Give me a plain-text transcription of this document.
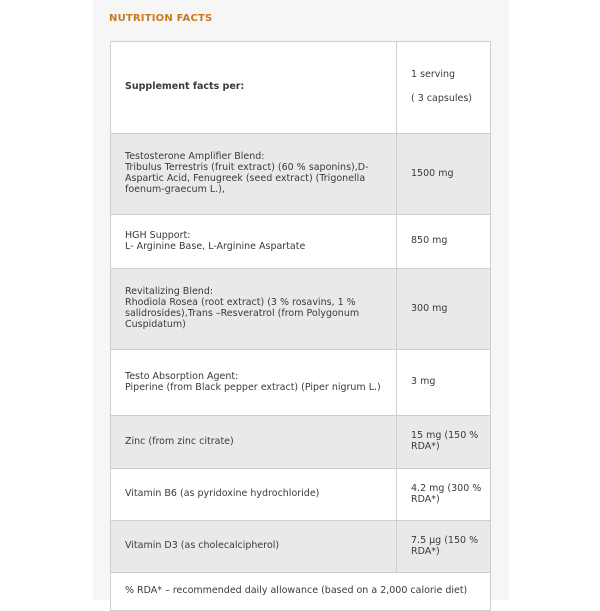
NUTRITION FACTS
Supplement facts per:	1 serving
( 3 capsules)

Testosterone Amplifier Blend:
Tribulus Terrestris (fruit extract) (60 % saponins),D-Aspartic Acid, Fenugreek (seed extract) (Trigonella foenum-graecum L.),	1500 mg

HGH Support:
L- Arginine Base, L-Arginine Aspartate	850 mg

Revitalizing Blend:
Rhodiola Rosea (root extract) (3 % rosavins, 1 % salidrosides),Trans –Resveratrol (from Polygonum Cuspidatum)	300 mg

Testo Absorption Agent:
Piperine (from Black pepper extract) (Piper nigrum L.)	3 mg

Zinc (from zinc citrate)	15 mg (150 % RDA*)

Vitamin B6 (as pyridoxine hydrochloride)	4.2 mg (300 % RDA*)

Vitamin D3 (as cholecalcipherol)	7.5 µg (150 % RDA*)
% RDA* – recommended daily allowance (based on a 2,000 calorie diet)	
